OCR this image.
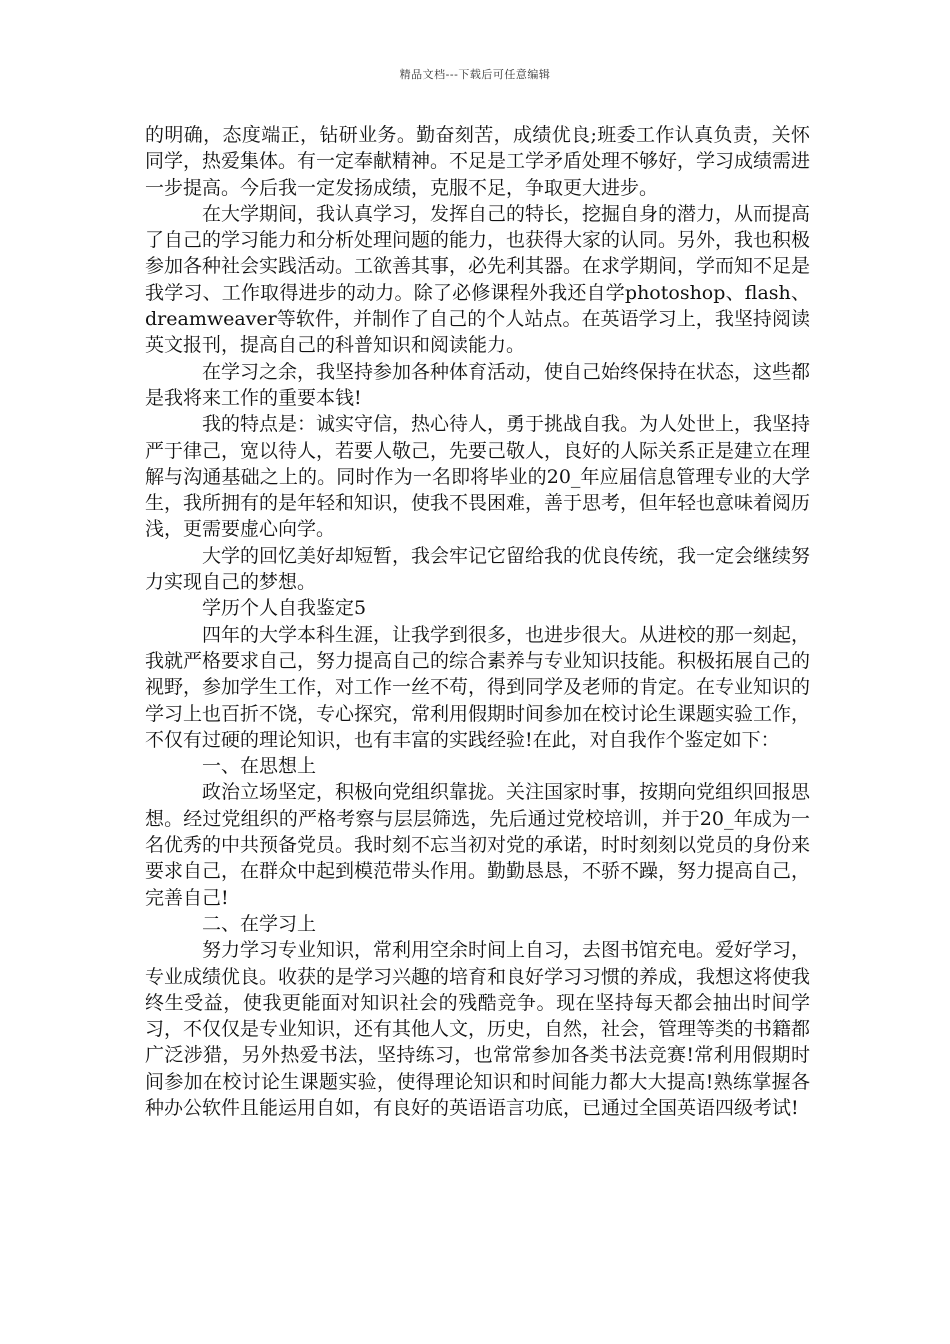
精品文档---下载后可任意编辑

的明确，态度端正，钻研业务。勤奋刻苦，成绩优良;班委工作认真负责，关怀同学，热爱集体。有一定奉献精神。不足是工学矛盾处理不够好，学习成绩需进一步提高。今后我一定发扬成绩，克服不足，争取更大进步。

在大学期间，我认真学习，发挥自己的特长，挖掘自身的潜力，从而提高了自己的学习能力和分析处理问题的能力，也获得大家的认同。另外，我也积极参加各种社会实践活动。工欲善其事，必先利其器。在求学期间，学而知不足是我学习、工作取得进步的动力。除了必修课程外我还自学photoshop、flash、dreamweaver等软件，并制作了自己的个人站点。在英语学习上，我坚持阅读英文报刊，提高自己的科普知识和阅读能力。

在学习之余，我坚持参加各种体育活动，使自己始终保持在状态，这些都是我将来工作的重要本钱!

我的特点是：诚实守信，热心待人，勇于挑战自我。为人处世上，我坚持严于律己，宽以待人，若要人敬己，先要己敬人，良好的人际关系正是建立在理解与沟通基础之上的。同时作为一名即将毕业的20_年应届信息管理专业的大学生，我所拥有的是年轻和知识，使我不畏困难，善于思考，但年轻也意味着阅历浅，更需要虚心向学。

大学的回忆美好却短暂，我会牢记它留给我的优良传统，我一定会继续努力实现自己的梦想。

学历个人自我鉴定5

四年的大学本科生涯，让我学到很多，也进步很大。从进校的那一刻起，我就严格要求自己，努力提高自己的综合素养与专业知识技能。积极拓展自己的视野，参加学生工作，对工作一丝不苟，得到同学及老师的肯定。在专业知识的学习上也百折不饶，专心探究，常利用假期时间参加在校讨论生课题实验工作，不仅有过硬的理论知识，也有丰富的实践经验!在此，对自我作个鉴定如下：

一、在思想上

政治立场坚定，积极向党组织靠拢。关注国家时事，按期向党组织回报思想。经过党组织的严格考察与层层筛选，先后通过党校培训，并于20_年成为一名优秀的中共预备党员。我时刻不忘当初对党的承诺，时时刻刻以党员的身份来要求自己，在群众中起到模范带头作用。勤勤恳恳，不骄不躁，努力提高自己，完善自己!

二、在学习上

努力学习专业知识，常利用空余时间上自习，去图书馆充电。爱好学习，专业成绩优良。收获的是学习兴趣的培育和良好学习习惯的养成，我想这将使我终生受益，使我更能面对知识社会的残酷竞争。现在坚持每天都会抽出时间学习，不仅仅是专业知识，还有其他人文，历史，自然，社会，管理等类的书籍都广泛涉猎，另外热爱书法，坚持练习，也常常参加各类书法竞赛!常利用假期时间参加在校讨论生课题实验，使得理论知识和时间能力都大大提高!熟练掌握各种办公软件且能运用自如，有良好的英语语言功底，已通过全国英语四级考试!
